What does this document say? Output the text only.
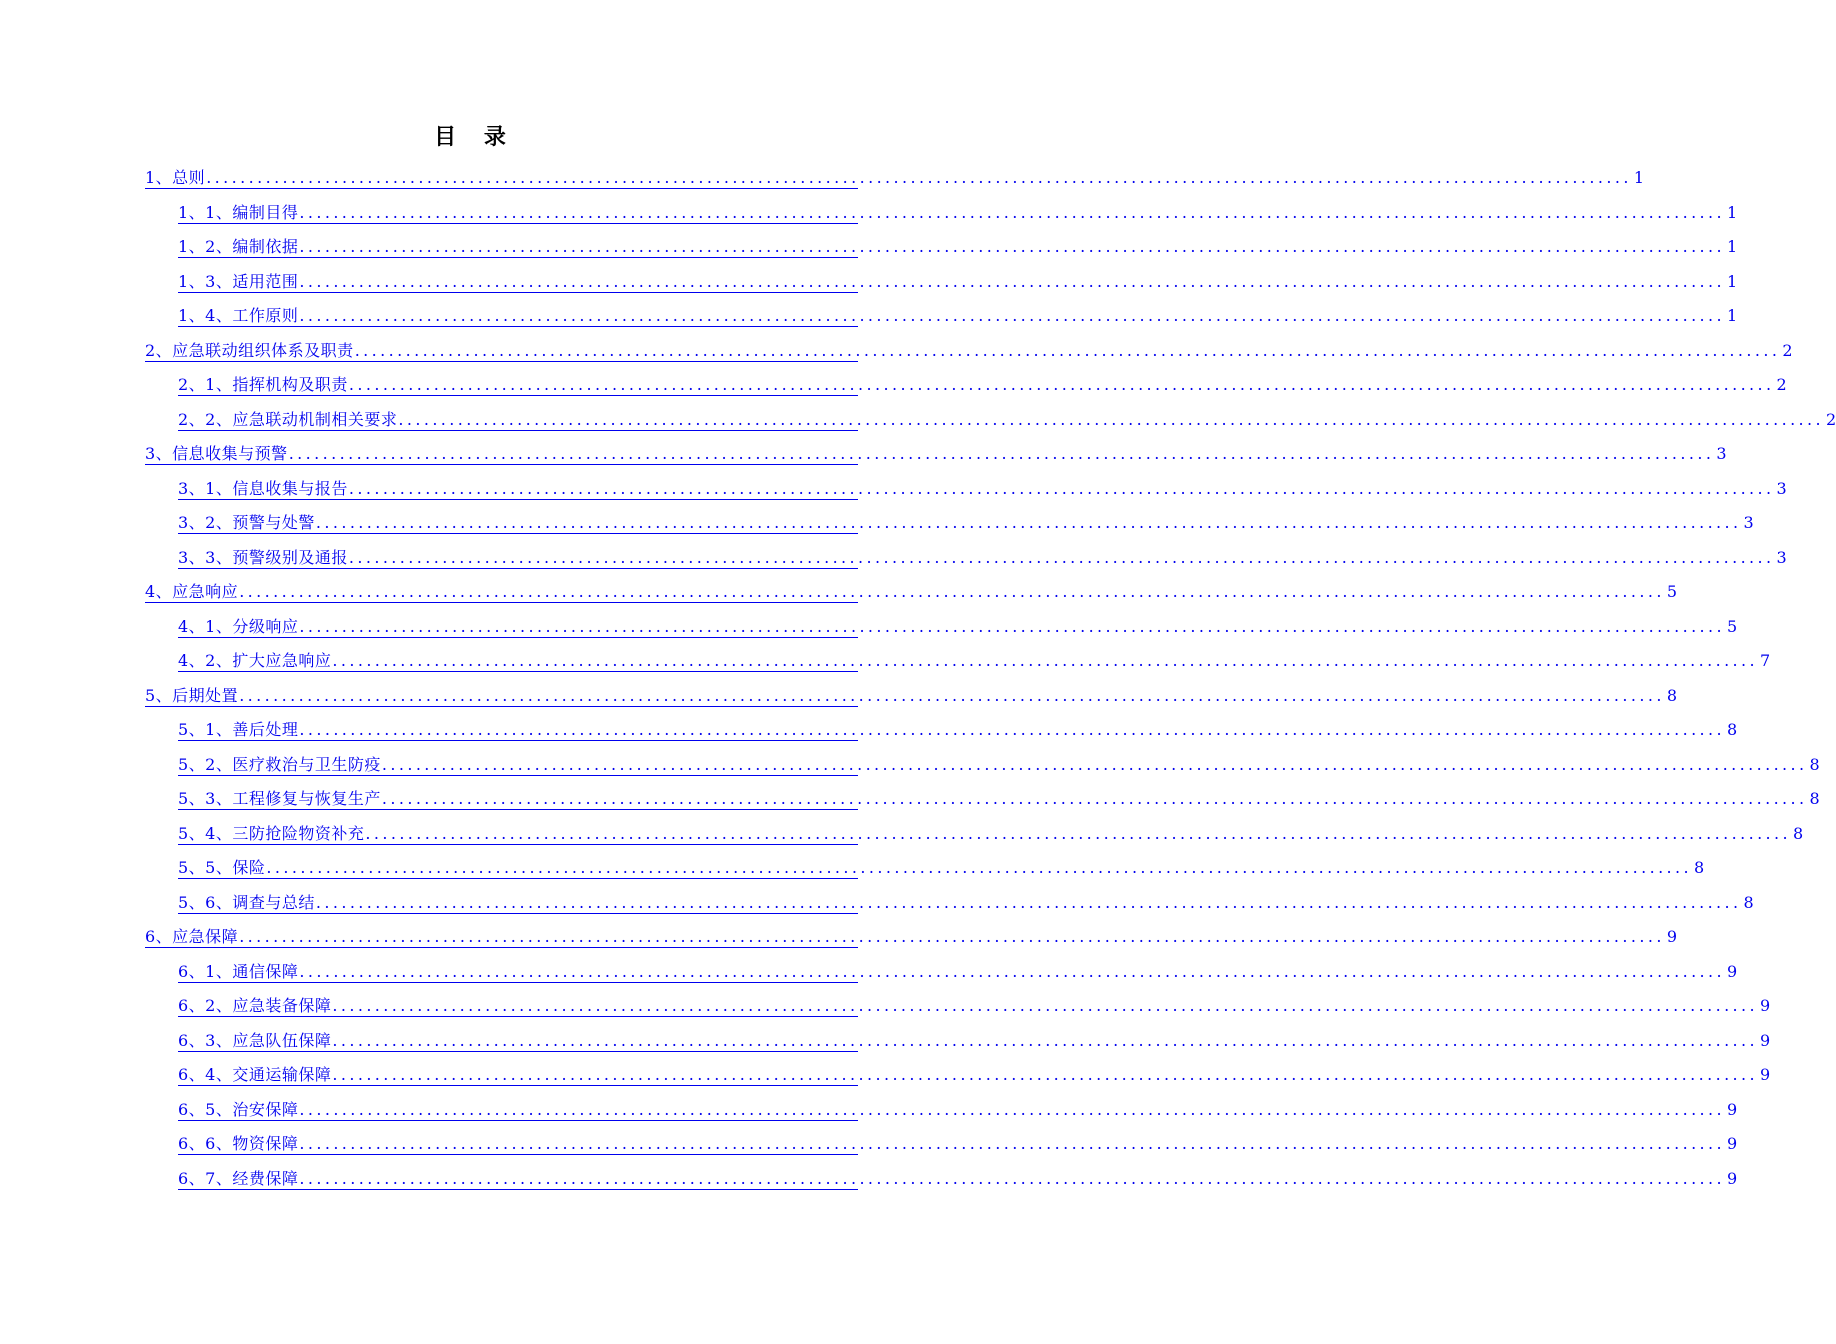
目 录
1、总则 ........................................................................................................................................................................ 1
1、1、编制目得 ........................................................................................................................................................................ 1
1、2、编制依据 ........................................................................................................................................................................ 1
1、3、适用范围 ........................................................................................................................................................................ 1
1、4、工作原则 ........................................................................................................................................................................ 1
2、应急联动组织体系及职责 ........................................................................................................................................................................ 2
2、1、指挥机构及职责 ........................................................................................................................................................................ 2
2、2、应急联动机制相关要求 ........................................................................................................................................................................ 2
3、信息收集与预警 ........................................................................................................................................................................ 3
3、1、信息收集与报告 ........................................................................................................................................................................ 3
3、2、预警与处警 ........................................................................................................................................................................ 3
3、3、预警级别及通报 ........................................................................................................................................................................ 3
4、应急响应 ........................................................................................................................................................................ 5
4、1、分级响应 ........................................................................................................................................................................ 5
4、2、扩大应急响应 ........................................................................................................................................................................ 7
5、后期处置 ........................................................................................................................................................................ 8
5、1、善后处理 ........................................................................................................................................................................ 8
5、2、医疗救治与卫生防疫 ........................................................................................................................................................................ 8
5、3、工程修复与恢复生产 ........................................................................................................................................................................ 8
5、4、三防抢险物资补充 ........................................................................................................................................................................ 8
5、5、保险 ........................................................................................................................................................................ 8
5、6、调查与总结 ........................................................................................................................................................................ 8
6、应急保障 ........................................................................................................................................................................ 9
6、1、通信保障 ........................................................................................................................................................................ 9
6、2、应急装备保障 ........................................................................................................................................................................ 9
6、3、应急队伍保障 ........................................................................................................................................................................ 9
6、4、交通运输保障 ........................................................................................................................................................................ 9
6、5、治安保障 ........................................................................................................................................................................ 9
6、6、物资保障 ........................................................................................................................................................................ 9
6、7、经费保障 ........................................................................................................................................................................ 9
